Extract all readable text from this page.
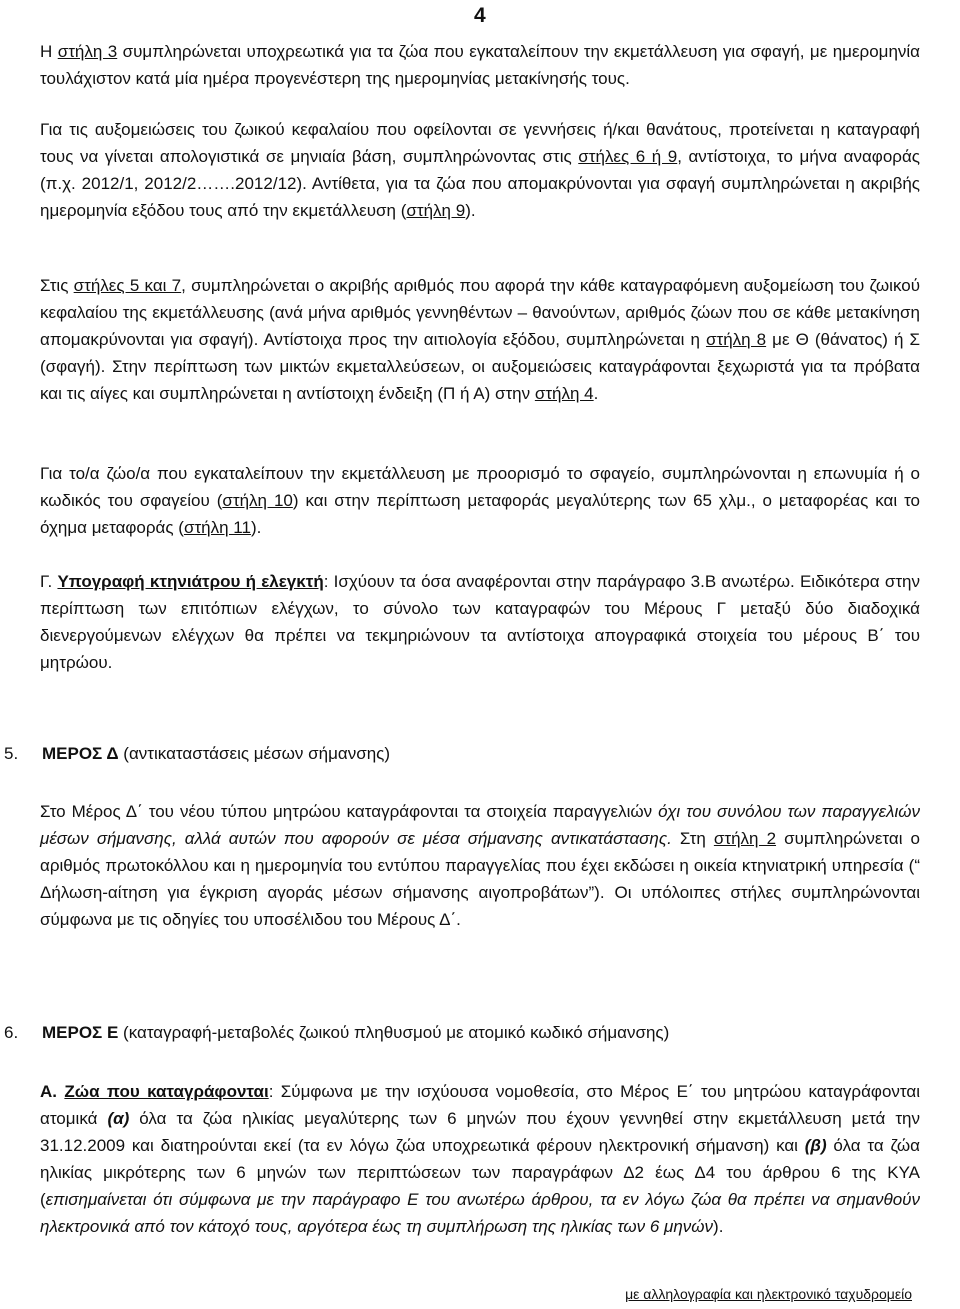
4

Η στήλη 3 συμπληρώνεται υποχρεωτικά για τα ζώα που εγκαταλείπουν την εκμετάλλευση για σφαγή, με ημερομηνία τουλάχιστον κατά μία ημέρα προγενέστερη της ημερομηνίας μετακίνησής τους.

Για τις αυξομειώσεις του ζωικού κεφαλαίου που οφείλονται σε γεννήσεις ή/και θανάτους, προτείνεται η καταγραφή τους να γίνεται απολογιστικά σε μηνιαία βάση, συμπληρώνοντας στις στήλες 6 ή 9, αντίστοιχα, το μήνα αναφοράς (π.χ. 2012/1, 2012/2…….2012/12). Αντίθετα, για τα ζώα που απομακρύνονται για σφαγή συμπληρώνεται η ακριβής ημερομηνία εξόδου τους από την εκμετάλλευση (στήλη 9).

Στις στήλες 5 και 7, συμπληρώνεται ο ακριβής αριθμός που αφορά την κάθε καταγραφόμενη αυξομείωση του ζωικού κεφαλαίου της εκμετάλλευσης (ανά μήνα αριθμός γεννηθέντων – θανούντων, αριθμός ζώων που σε κάθε μετακίνηση απομακρύνονται για σφαγή). Αντίστοιχα προς την αιτιολογία εξόδου, συμπληρώνεται η στήλη 8 με Θ (θάνατος) ή Σ (σφαγή). Στην περίπτωση των μικτών εκμεταλλεύσεων, οι αυξομειώσεις καταγράφονται ξεχωριστά για τα πρόβατα και τις αίγες και συμπληρώνεται η αντίστοιχη ένδειξη (Π ή Α) στην στήλη 4.

Για το/α ζώο/α που εγκαταλείπουν την εκμετάλλευση με προορισμό το σφαγείο, συμπληρώνονται η επωνυμία ή ο κωδικός του σφαγείου (στήλη 10) και στην περίπτωση μεταφοράς μεγαλύτερης των 65 χλμ., ο μεταφορέας και το όχημα μεταφοράς (στήλη 11).

Γ. Υπογραφή κτηνιάτρου ή ελεγκτή: Ισχύουν τα όσα αναφέρονται στην παράγραφο 3.Β ανωτέρω. Ειδικότερα στην περίπτωση των επιτόπιων ελέγχων, το σύνολο των καταγραφών του Μέρους Γ μεταξύ δύο διαδοχικά διενεργούμενων ελέγχων θα πρέπει να τεκμηριώνουν τα αντίστοιχα απογραφικά στοιχεία του μέρους Β΄ του μητρώου.

5. ΜΕΡΟΣ Δ (αντικαταστάσεις μέσων σήμανσης)

Στο Μέρος Δ΄ του νέου τύπου μητρώου καταγράφονται τα στοιχεία παραγγελιών όχι του συνόλου των παραγγελιών μέσων σήμανσης, αλλά αυτών που αφορούν σε μέσα σήμανσης αντικατάστασης. Στη στήλη 2 συμπληρώνεται ο αριθμός πρωτοκόλλου και η ημερομηνία του εντύπου παραγγελίας που έχει εκδώσει η οικεία κτηνιατρική υπηρεσία (“ Δήλωση-αίτηση για έγκριση αγοράς μέσων σήμανσης αιγοπροβάτων”). Οι υπόλοιπες στήλες συμπληρώνονται σύμφωνα με τις οδηγίες του υποσέλιδου του Μέρους Δ΄.

6. ΜΕΡΟΣ Ε (καταγραφή-μεταβολές ζωικού πληθυσμού με ατομικό κωδικό σήμανσης)

Α. Ζώα που καταγράφονται: Σύμφωνα με την ισχύουσα νομοθεσία, στο Μέρος Ε΄ του μητρώου καταγράφονται ατομικά (α) όλα τα ζώα ηλικίας μεγαλύτερης των 6 μηνών που έχουν γεννηθεί στην εκμετάλλευση μετά την 31.12.2009 και διατηρούνται εκεί (τα εν λόγω ζώα υποχρεωτικά φέρουν ηλεκτρονική σήμανση) και (β) όλα τα ζώα ηλικίας μικρότερης των 6 μηνών των περιπτώσεων των παραγράφων Δ2 έως Δ4 του άρθρου 6 της ΚΥΑ (επισημαίνεται ότι σύμφωνα με την παράγραφο Ε του ανωτέρω άρθρου, τα εν λόγω ζώα θα πρέπει να σημανθούν ηλεκτρονικά από τον κάτοχό τους, αργότερα έως τη συμπλήρωση της ηλικίας των 6 μηνών).

με αλληλογραφία και ηλεκτρονικό ταχυδρομείο
